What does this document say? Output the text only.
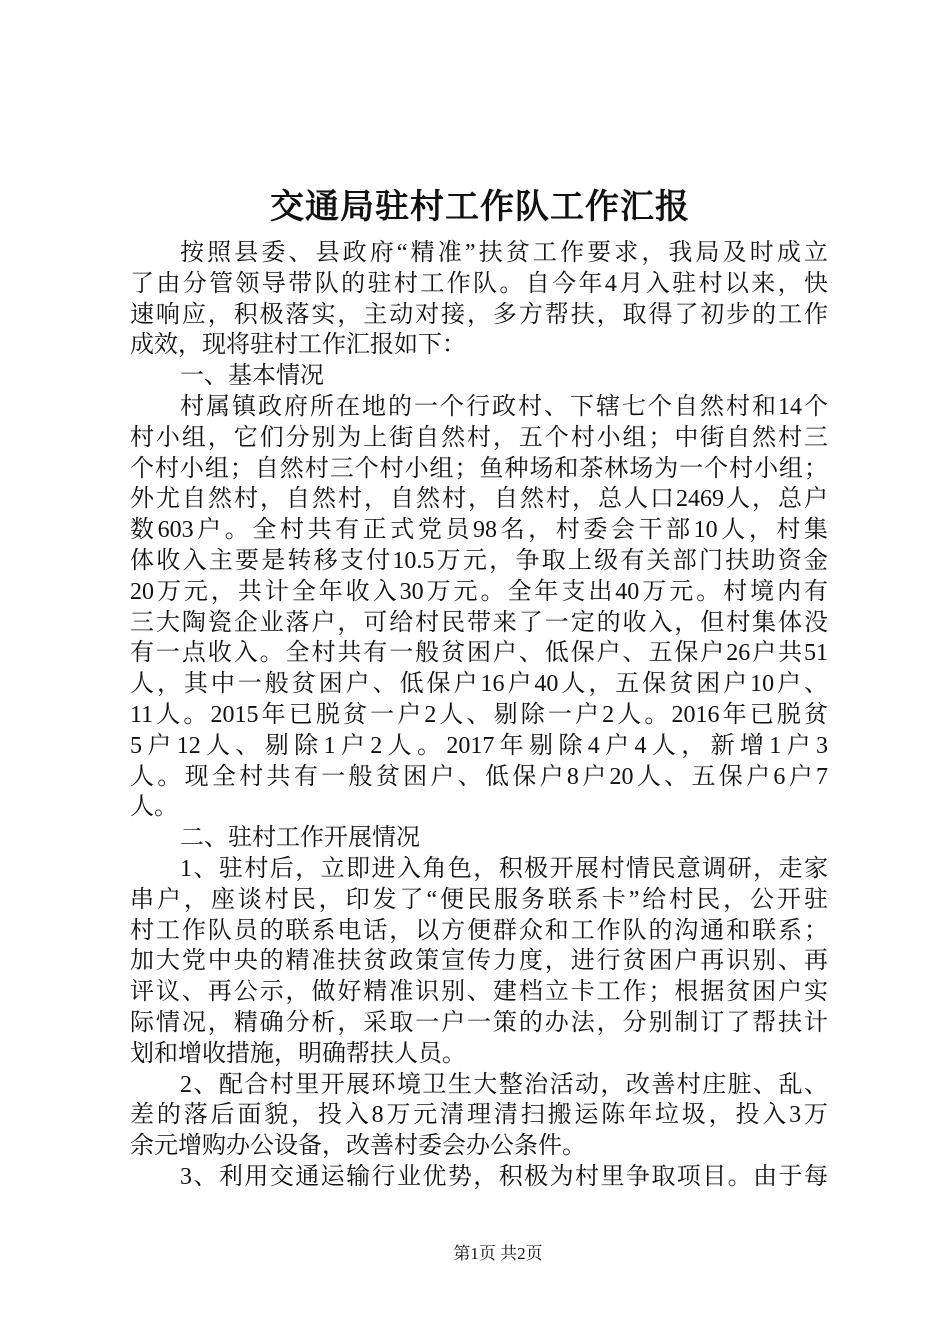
交通局驻村工作队工作汇报
按照县委、县政府“精准”扶贫工作要求，我局及时成立
了由分管领导带队的驻村工作队。自今年4月入驻村以来，快
速响应，积极落实，主动对接，多方帮扶，取得了初步的工作
成效，现将驻村工作汇报如下：
一、基本情况
村属镇政府所在地的一个行政村、下辖七个自然村和14个
村小组，它们分别为上街自然村，五个村小组；中街自然村三
个村小组；自然村三个村小组；鱼种场和茶林场为一个村小组；
外尤自然村，自然村，自然村，自然村，总人口2469人，总户
数603户。全村共有正式党员98名，村委会干部10人，村集
体收入主要是转移支付10.5万元，争取上级有关部门扶助资金
20万元，共计全年收入30万元。全年支出40万元。村境内有
三大陶瓷企业落户，可给村民带来了一定的收入，但村集体没
有一点收入。全村共有一般贫困户、低保户、五保户26户共51
人，其中一般贫困户、低保户16户40人，五保贫困户10户、
11人。2015年已脱贫一户2人、剔除一户2人。2016年已脱贫
5户12人、剔除1户2人。2017年剔除4户4人，新增1户3
人。现全村共有一般贫困户、低保户8户20人、五保户6户7
人。
二、驻村工作开展情况
1、驻村后，立即进入角色，积极开展村情民意调研，走家
串户，座谈村民，印发了“便民服务联系卡”给村民，公开驻
村工作队员的联系电话，以方便群众和工作队的沟通和联系；
加大党中央的精准扶贫政策宣传力度，进行贫困户再识别、再
评议、再公示，做好精准识别、建档立卡工作；根据贫困户实
际情况，精确分析，采取一户一策的办法，分别制订了帮扶计
划和增收措施，明确帮扶人员。
2、配合村里开展环境卫生大整治活动，改善村庄脏、乱、
差的落后面貌，投入8万元清理清扫搬运陈年垃圾，投入3万
余元增购办公设备，改善村委会办公条件。
3、利用交通运输行业优势，积极为村里争取项目。由于每
第1页 共2页
